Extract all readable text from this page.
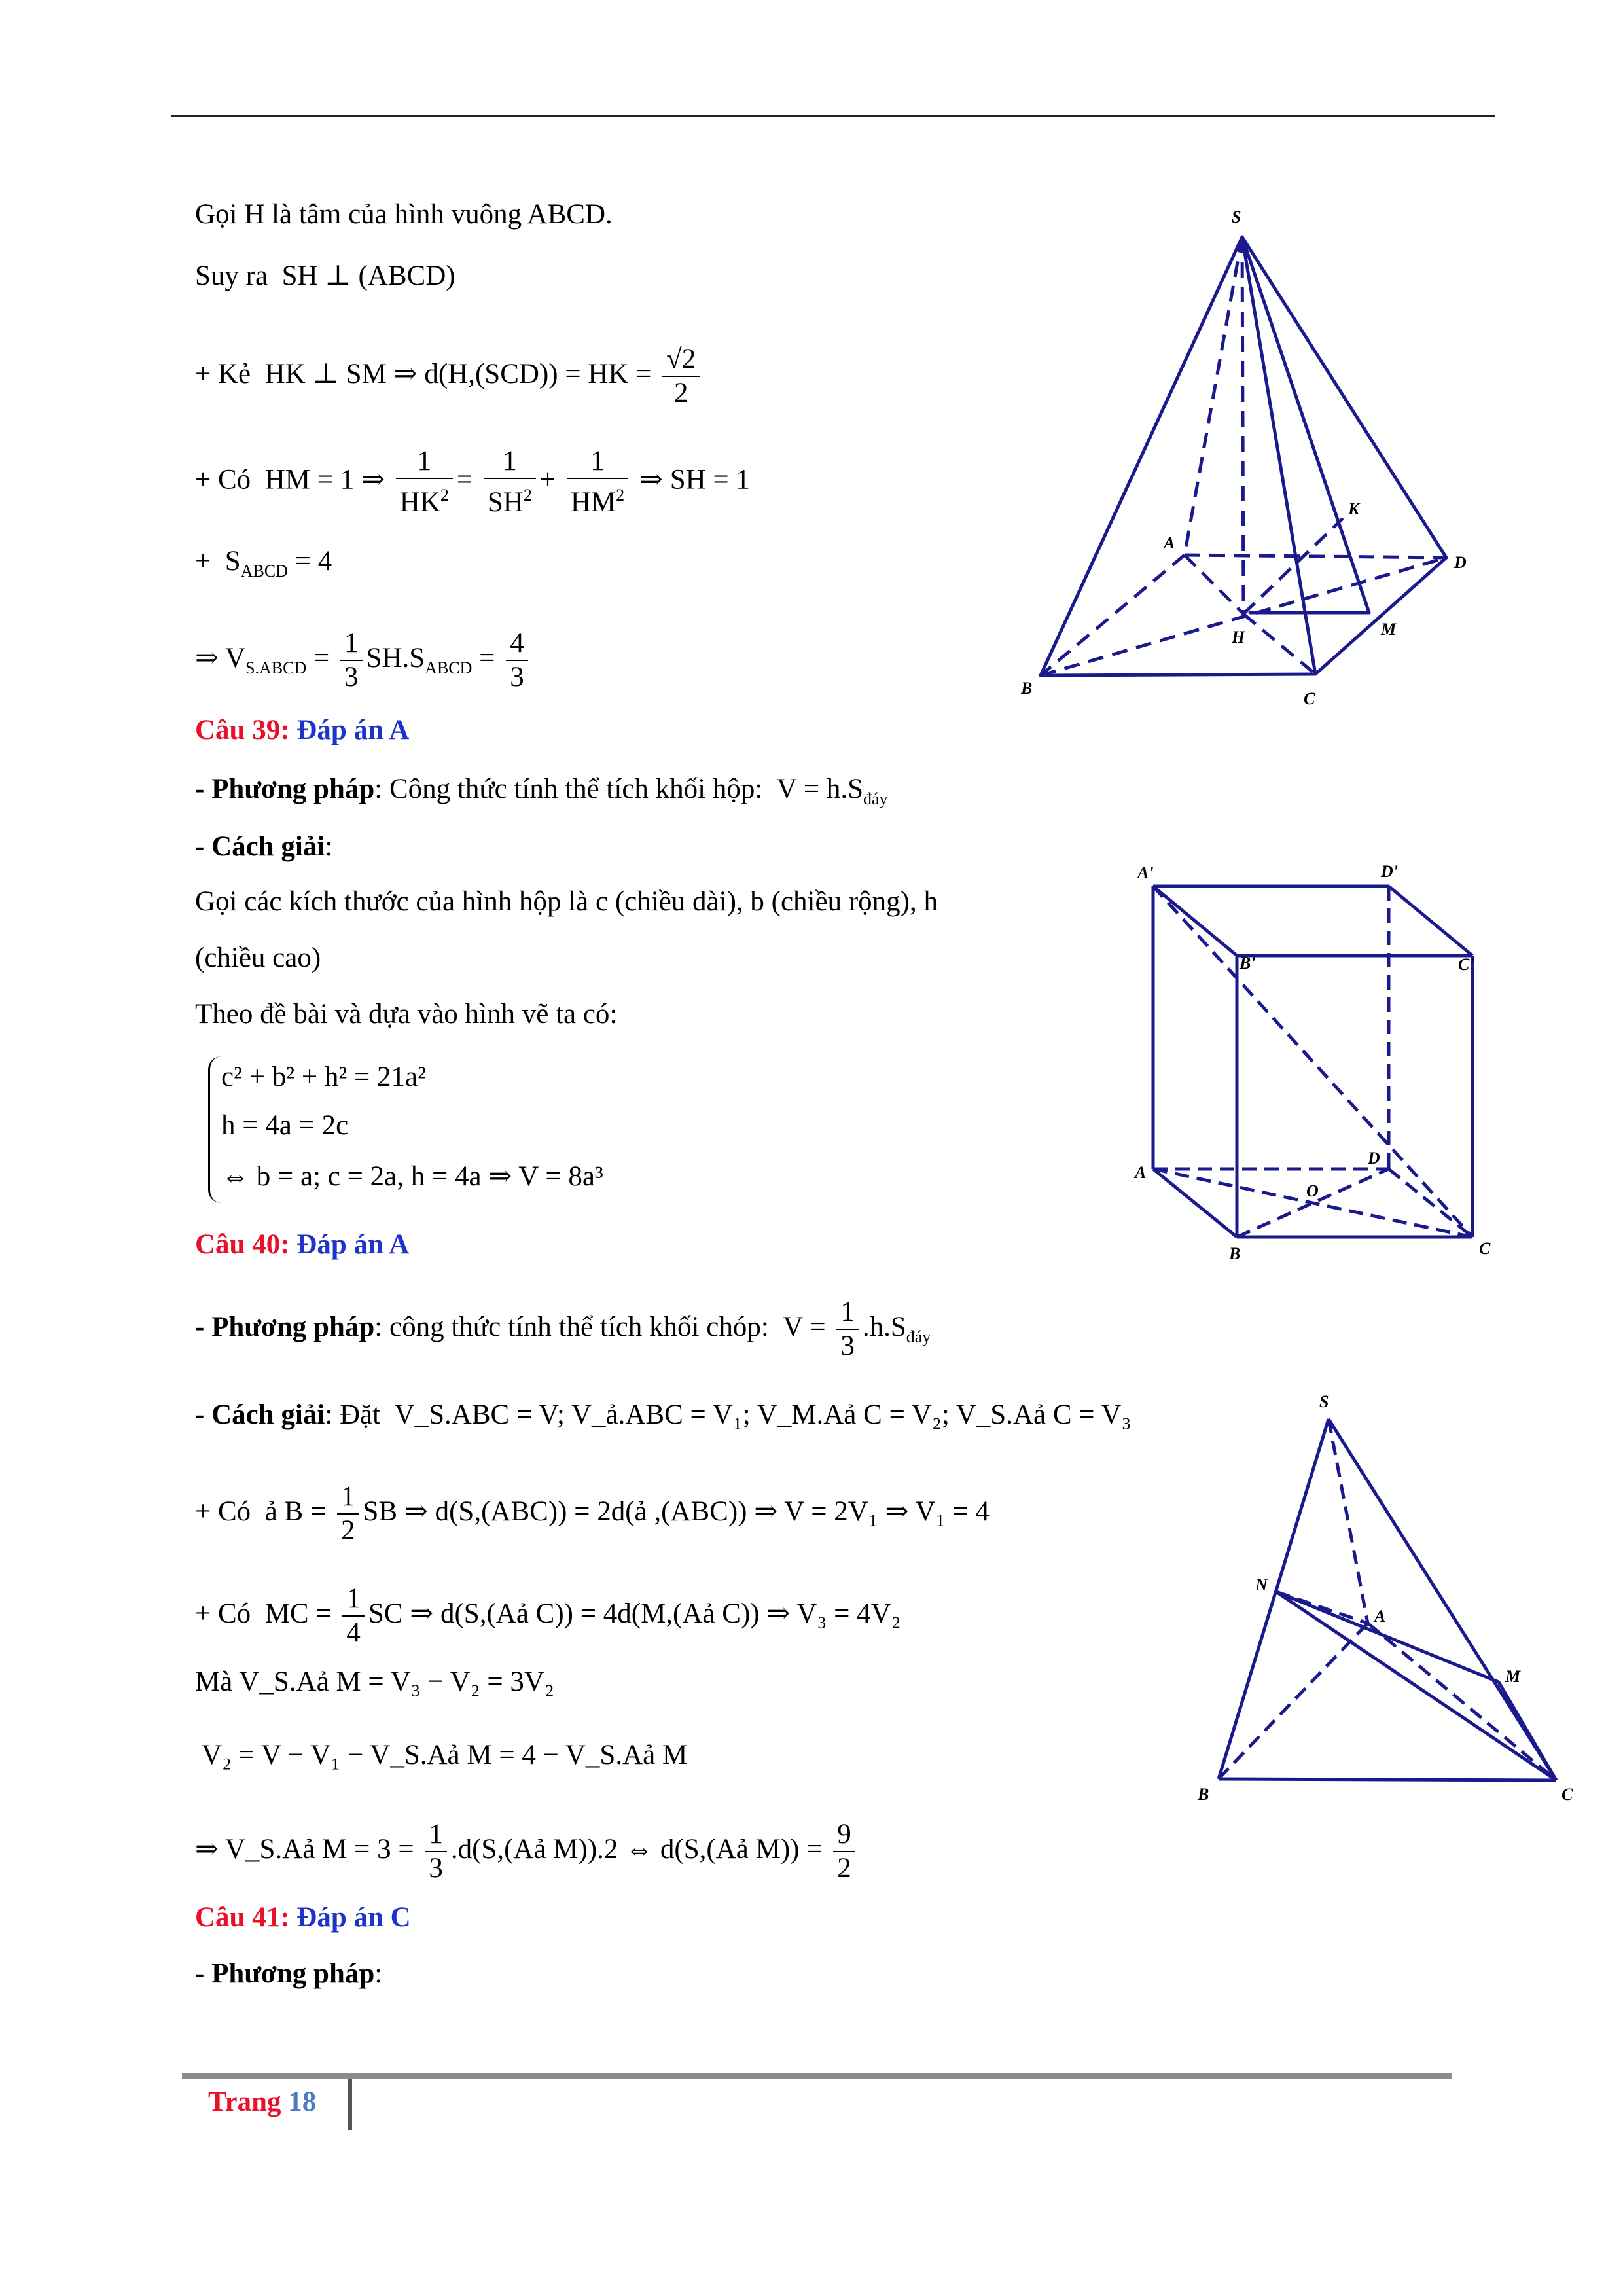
Gọi H là tâm của hình vuông ABCD.
Suy ra SH ⊥ (ABCD)
+ Kẻ HK ⊥ SM ⇒ d(H,(SCD)) = HK = $\frac{√2}{2}$
+ Có HM = 1 ⇒ $\frac{1}{HK^2} = \frac{1}{SH^2} + \frac{1}{HM^2}$ ⇒ SH = 1
+ $S_{ABCD} = 4$
⇒ $V_{S.ABCD} = \frac{1}{3} SH.S_{ABCD} = \frac{4}{3}$
S
K
A
D
H	M
B
C
Câu 39: Đáp án A
- Phương pháp: Công thức tính thể tích khối hộp: $V = h.S_{đáy}$
- Cách giải:
Gọi các kích thước của hình hộp là c (chiều dài), b (chiều rộng), h
(chiều cao)
Theo đề bài và dựa vào hình vẽ ta có:
c² + b² + h² = 21a²
h = 4a = 2c
⇔ b = a; c = 2a, h = 4a ⇒ V = 8a³
A'	D'
B'	C'
D
A
O
B	C
Câu 40: Đáp án A
- Phương pháp: công thức tính thể tích khối chóp: $V = \frac{1}{3} .h.S_{đáy}$
- Cách giải: Đặt V_S.ABC = V; V_ả.ABC = V₁; V_M.Aả C = V₂; V_S.Aả C = V₃
+ Có ả $B = \frac{1}{2}$ SB ⇒ d(S,(ABC)) = 2d(ả ,(ABC)) ⇒ V = 2V₁ ⇒ V₁ = 4
+ Có MC = $\frac{1}{4}$ SC ⇒ d(S,(Aả C)) = 4d(M,(Aả C)) ⇒ V₃ = 4V₂
Mà V_S.Aả M = V₃ − V₂ = 3V₂
V₂ = V − V₁ − V_S.Aả M = 4 − V_S.Aả M
⇒ V_S.Aả $M = 3 = \frac{1}{3}$ .d(S,(Aả M)).2 ⇔ d(S,(Aả $M)) = \frac{9}{2}$
S
N
A
M
B	C
Câu 41: Đáp án C
- Phương pháp:
Trang 18
